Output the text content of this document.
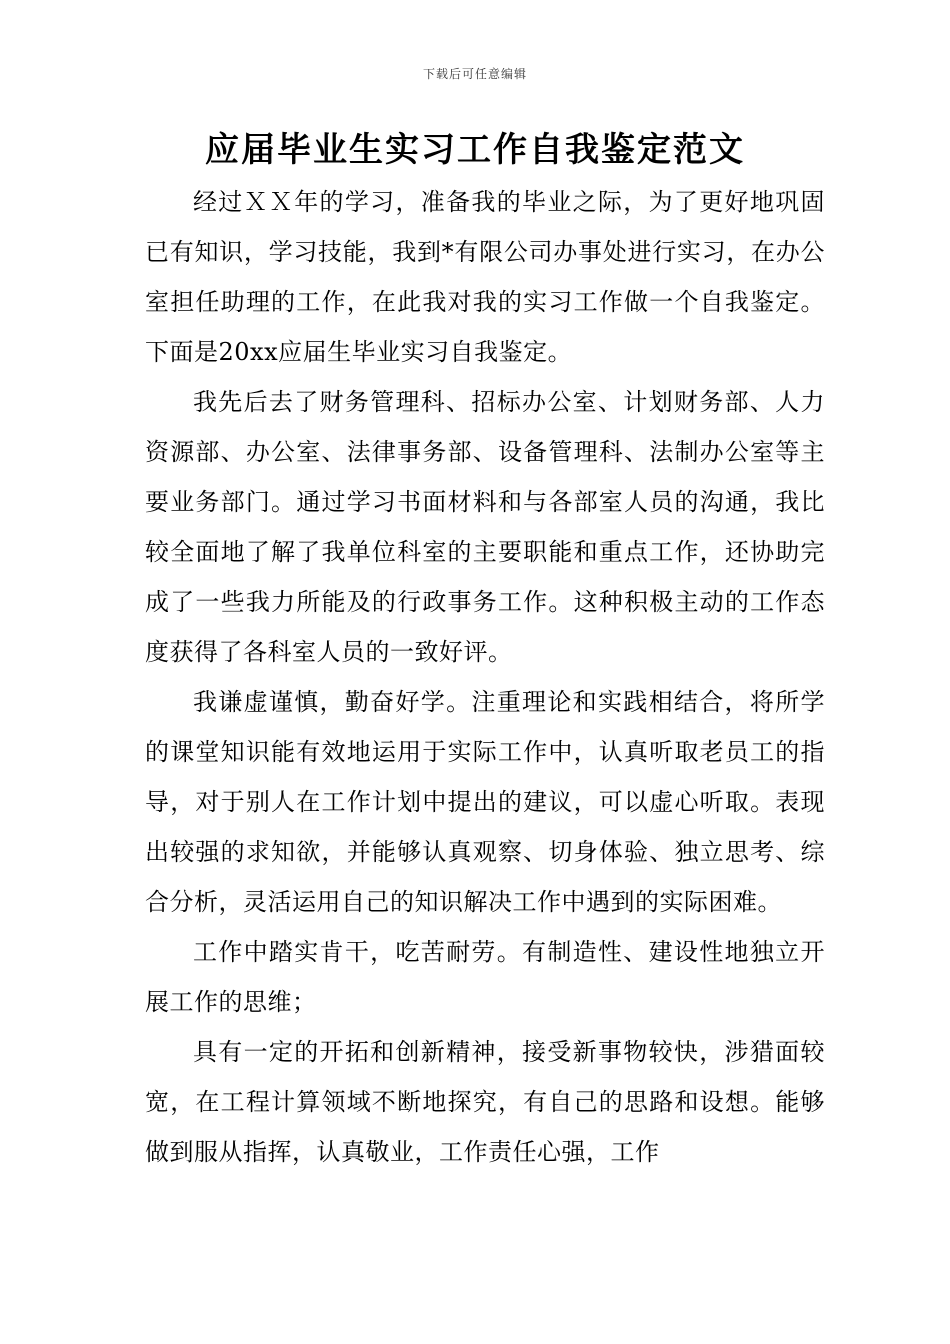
下载后可任意编辑
应届毕业生实习工作自我鉴定范文

经过ＸＸ年的学习，准备我的毕业之际，为了更好地巩固已有知识，学习技能，我到*有限公司办事处进行实习，在办公室担任助理的工作，在此我对我的实习工作做一个自我鉴定。 下面是20xx应届生毕业实习自我鉴定。

我先后去了财务管理科、招标办公室、计划财务部、人力资源部、办公室、法律事务部、设备管理科、法制办公室等主要业务部门。通过学习书面材料和与各部室人员的沟通，我比较全面地了解了我单位科室的主要职能和重点工作，还协助完成了一些我力所能及的行政事务工作。这种积极主动的工作态度获得了各科室人员的一致好评。

我谦虚谨慎，勤奋好学。注重理论和实践相结合，将所学的课堂知识能有效地运用于实际工作中，认真听取老员工的指导，对于别人在工作计划中提出的建议，可以虚心听取。表现出较强的求知欲，并能够认真观察、切身体验、独立思考、综合分析，灵活运用自己的知识解决工作中遇到的实际困难。

工作中踏实肯干，吃苦耐劳。有制造性、建设性地独立开展工作的思维；

具有一定的开拓和创新精神，接受新事物较快，涉猎面较宽，在工程计算领域不断地探究，有自己的思路和设想。能够做到服从指挥，认真敬业，工作责任心强，工作
